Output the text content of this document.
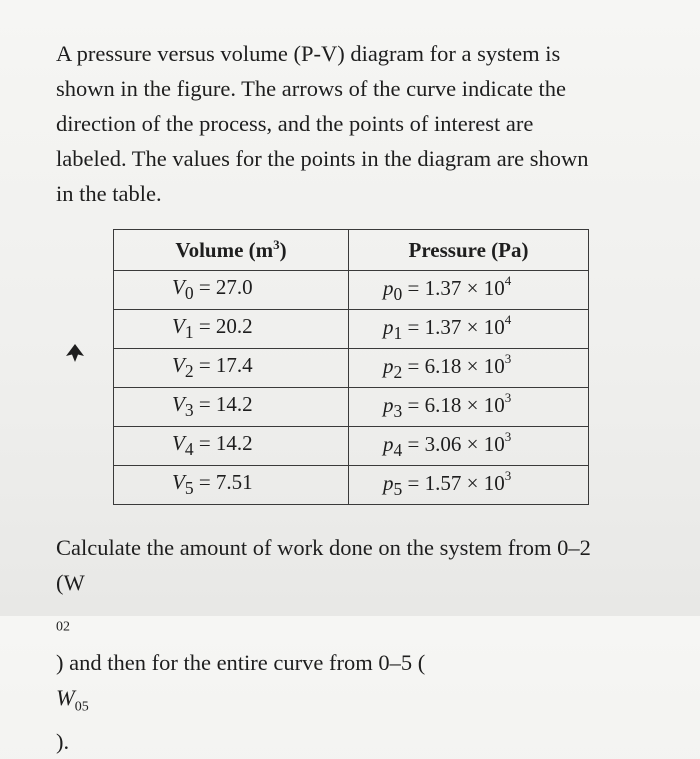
A pressure versus volume (P-V) diagram for a system is
shown in the figure. The arrows of the curve indicate the
direction of the process, and the points of interest are
labeled. The values for the points in the diagram are shown
in the table.

Volume $(m^3)$	Pressure (Pa)
$V_0 = 27.0$	$p_0 = 1.37 \times 10^4$
$V_1 = 20.2$	$p_1 = 1.37 \times 10^4$
$V_2 = 17.4$	$p_2 = 6.18 \times 10^3$
$V_3 = 14.2$	$p_3 = 6.18 \times 10^3$
$V_4 = 14.2$	$p_4 = 3.06 \times 10^3$
$V_5 = 7.51$	$p_5 = 1.57 \times 10^3$

Calculate the amount of work done on the system from 0–2
(W
$_{02}$
) and then for the entire curve from 0–5 (
$W_{05}$
).
